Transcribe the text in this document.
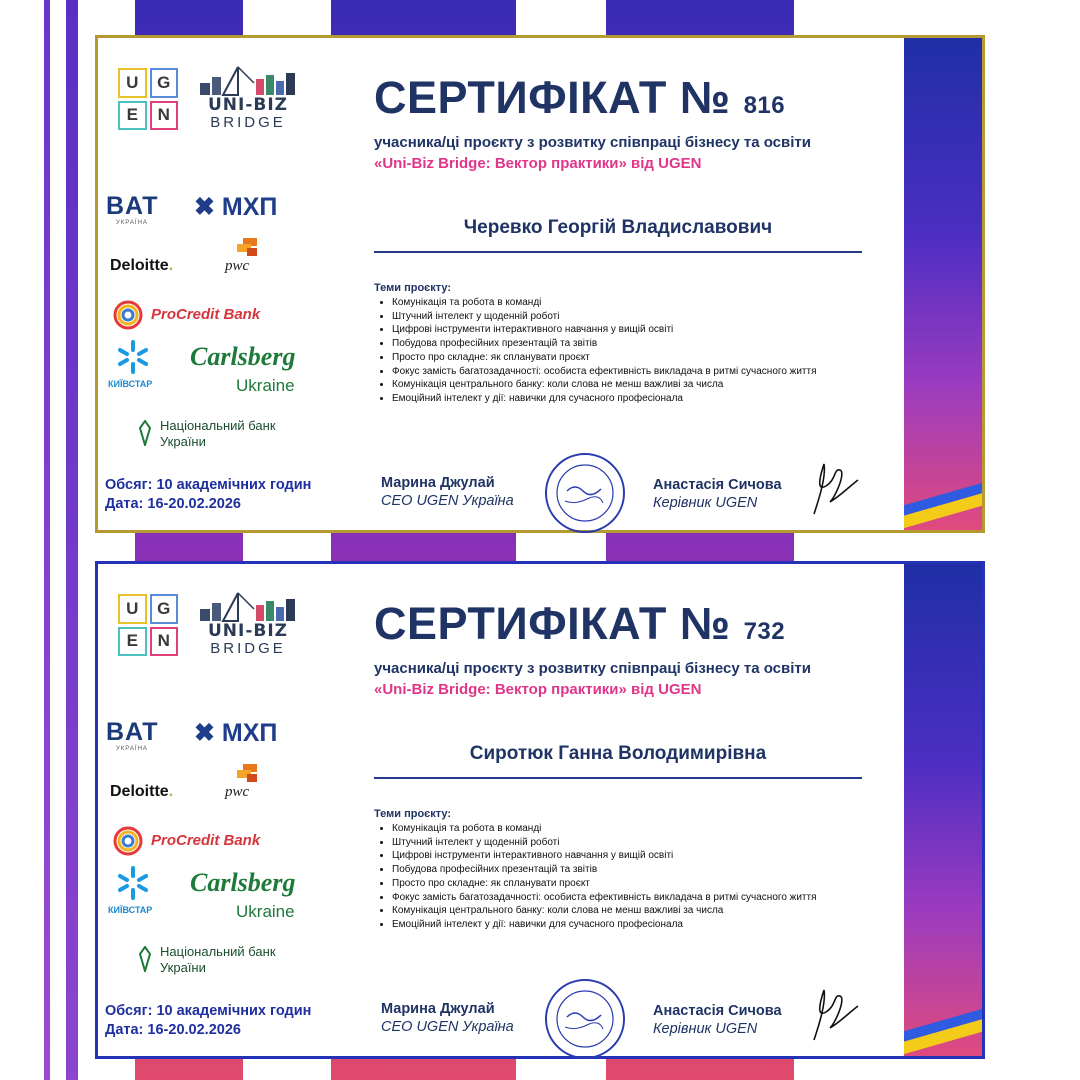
U	G
E	N	UNI-BIZ
BRIDGE
BAT
УКРАЇНА
✖ МХП
Deloitte.	pwc
ProCredit Bank
КИЇВСТАР
Carlsberg
Ukraine
Національний банк України
СЕРТИФІКАТ № 816
учасника/ці проєкту з розвитку співпраці бізнесу та освіти
«Uni-Biz Bridge: Вектор практики» від UGEN
Черевко Георгій Владиславович
Теми проєкту:
• Комунікація та робота в команді
• Штучний інтелект у щоденній роботі
• Цифрові інструменти інтерактивного навчання у вищій освіті
• Побудова професійних презентацій та звітів
• Просто про складне: як спланувати проєкт
• Фокус замість багатозадачності: особиста ефективність викладача в ритмі сучасного життя
• Комунікація центрального банку: коли слова не менш важливі за числа
• Емоційний інтелект у дії: навички для сучасного професіонала
Обсяг: 10 академічних годин
Дата: 16-20.02.2026
Марина Джулай
CEO UGEN Україна
Анастасія Сичова
Керівник UGEN
U	G
E	N	UNI-BIZ
BRIDGE
BAT
УКРАЇНА
✖ МХП
Deloitte.	pwc
ProCredit Bank
КИЇВСТАР
Carlsberg
Ukraine
Національний банк України
СЕРТИФІКАТ № 732
учасника/ці проєкту з розвитку співпраці бізнесу та освіти
«Uni-Biz Bridge: Вектор практики» від UGEN
Сиротюк Ганна Володимирівна
Теми проєкту:
• Комунікація та робота в команді
• Штучний інтелект у щоденній роботі
• Цифрові інструменти інтерактивного навчання у вищій освіті
• Побудова професійних презентацій та звітів
• Просто про складне: як спланувати проєкт
• Фокус замість багатозадачності: особиста ефективність викладача в ритмі сучасного життя
• Комунікація центрального банку: коли слова не менш важливі за числа
• Емоційний інтелект у дії: навички для сучасного професіонала
Обсяг: 10 академічних годин
Дата: 16-20.02.2026
Марина Джулай
CEO UGEN Україна
Анастасія Сичова
Керівник UGEN
